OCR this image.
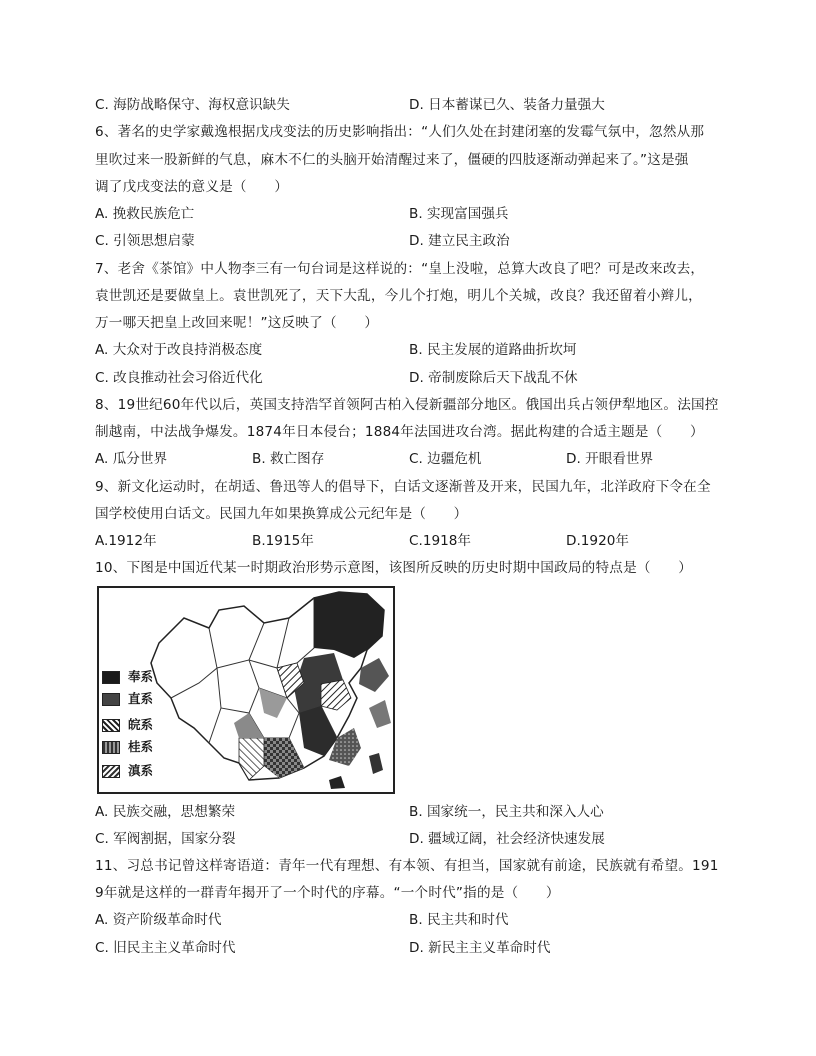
C. 海防战略保守、海权意识缺失	D. 日本蓄谋已久、装备力量强大
6、著名的史学家戴逸根据戊戌变法的历史影响指出：“人们久处在封建闭塞的发霉气氛中，忽然从那
里吹过来一股新鲜的气息，麻木不仁的头脑开始清醒过来了，僵硬的四肢逐渐动弹起来了。”这是强
调了戊戌变法的意义是（　　）
A. 挽救民族危亡	B. 实现富国强兵
C. 引领思想启蒙	D. 建立民主政治
7、老舍《茶馆》中人物李三有一句台词是这样说的：“皇上没啦，总算大改良了吧？可是改来改去，
袁世凯还是要做皇上。袁世凯死了，天下大乱，今儿个打炮，明儿个关城，改良？我还留着小辫儿，
万一哪天把皇上改回来呢！”这反映了（　　）
A. 大众对于改良持消极态度	B. 民主发展的道路曲折坎坷
C. 改良推动社会习俗近代化	D. 帝制废除后天下战乱不休
8、19世纪60年代以后，英国支持浩罕首领阿古柏入侵新疆部分地区。俄国出兵占领伊犁地区。法国控
制越南，中法战争爆发。1874年日本侵台；1884年法国进攻台湾。据此构建的合适主题是（　　）
A. 瓜分世界	B. 救亡图存	C. 边疆危机	D. 开眼看世界
9、新文化运动时，在胡适、鲁迅等人的倡导下，白话文逐渐普及开来，民国九年，北洋政府下令在全
国学校使用白话文。民国九年如果换算成公元纪年是（　　）
A.1912年	B.1915年	C.1918年	D.1920年
10、下图是中国近代某一时期政治形势示意图，该图所反映的历史时期中国政局的特点是（　　）
奉系
直系
皖系
桂系
滇系
A. 民族交融，思想繁荣	B. 国家统一，民主共和深入人心
C. 军阀割据，国家分裂	D. 疆域辽阔，社会经济快速发展
11、习总书记曾这样寄语道：青年一代有理想、有本领、有担当，国家就有前途，民族就有希望。191
9年就是这样的一群青年揭开了一个时代的序幕。“一个时代”指的是（　　）
A. 资产阶级革命时代	B. 民主共和时代
C. 旧民主主义革命时代	D. 新民主主义革命时代
